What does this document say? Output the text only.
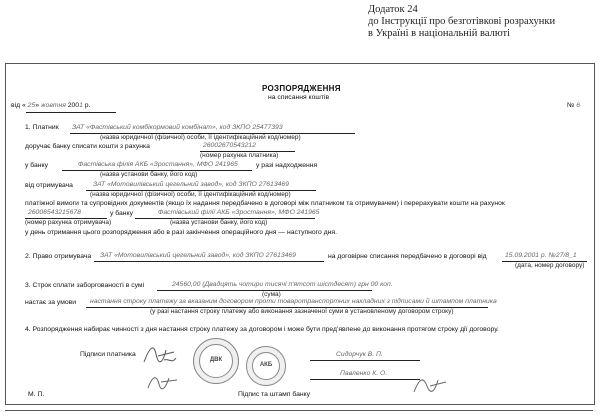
Додаток 24
до Інструкції про безготівкові розрахунки
в Україні в національній валюті
РОЗПОРЯДЖЕННЯ
на списання коштів
від « 25» жовтня 2001 р.	№ 6
1. Платник ЗАТ «Фастівський комбікормовий комбінат», код ЗКПО 25477393
(назва юридичної (фізичної) особи, її ідентифікаційний код/номер)
доручає банку списати кошти з рахунка	26002670543212
(номер рахунка платника)
у банку	Фастівська філія АКБ «Зростання», МФО 241965	у разі надходження
(назва установи банку, його код)
від отримувача	ЗАТ «Мотовилівський цегельний завод», код ЗКПО 27613469
(назва юридичної (фізичної) особи, її ідентифікаційний код/номер)
платіжної вимоги та супровідних документів (якщо їх надання передбачено в договорі між платником та отримувачем) і перерахувати кошти на рахунок
26006543215678	у банку	Фастівський філії АКБ «Зростання», МФО 241965
(номер рахунка отримувача)	(назва установи банку, його код)
у день отримання цього розпорядження або в разі закінчення операційного дня — наступного дня.
2. Право отримувача ЗАТ «Мотовилівський цегельний завод», код ЗКПО 27613469	на договірне списання передбачено в договорі від	15.09.2001 р. №27/8_1
(дата, номер договору)
3. Строк сплати заборгованості в сумі	24560,00 (Двадцять чотири тисячі п'ятсот шістдесят) грн 00 коп.
(сума)
настає за умови настання строку платежу за вказаним договором проти товаротранспортних накладних з підписами й штампом платника
(у разі настання строку платежу або виконання зазначеної суми в установленому договором строку)
4. Розпорядження набирає чинності з дня настання строку платежу за договором і може бути пред'явлене до виконання протягом строку дії договору.
Підписи платника	Сидорчук В. П.
Павленко К. О.
ДВК
АКБ
М. П.	Підпис та штамп банку
